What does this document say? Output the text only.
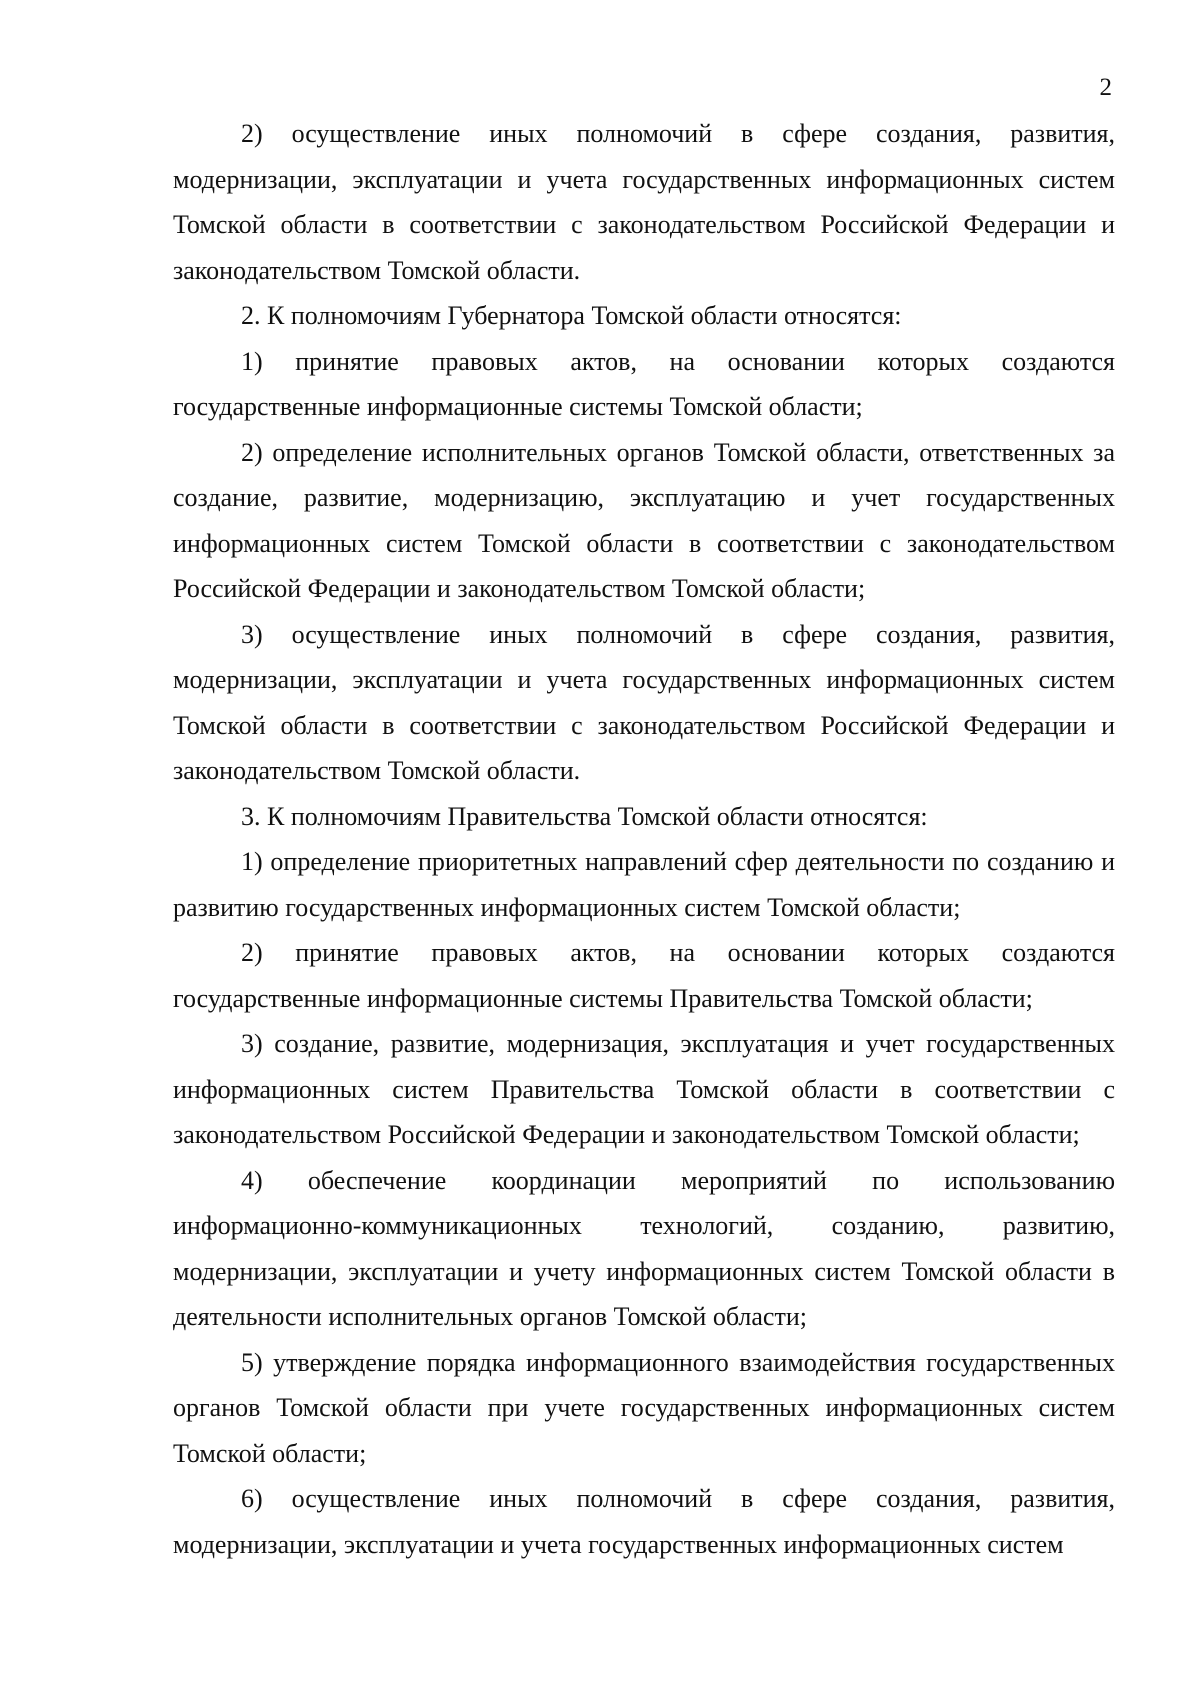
2

2) осуществление иных полномочий в сфере создания, развития, модернизации, эксплуатации и учета государственных информационных систем Томской области в соответствии с законодательством Российской Федерации и законодательством Томской области.

2. К полномочиям Губернатора Томской области относятся:

1) принятие правовых актов, на основании которых создаются государственные информационные системы Томской области;

2) определение исполнительных органов Томской области, ответственных за создание, развитие, модернизацию, эксплуатацию и учет государственных информационных систем Томской области в соответствии с законодательством Российской Федерации и законодательством Томской области;

3) осуществление иных полномочий в сфере создания, развития, модернизации, эксплуатации и учета государственных информационных систем Томской области в соответствии с законодательством Российской Федерации и законодательством Томской области.

3. К полномочиям Правительства Томской области относятся:

1) определение приоритетных направлений сфер деятельности по созданию и развитию государственных информационных систем Томской области;

2) принятие правовых актов, на основании которых создаются государственные информационные системы Правительства Томской области;

3) создание, развитие, модернизация, эксплуатация и учет государственных информационных систем Правительства Томской области в соответствии с законодательством Российской Федерации и законодательством Томской области;

4) обеспечение координации мероприятий по использованию информационно-коммуникационных технологий, созданию, развитию, модернизации, эксплуатации и учету информационных систем Томской области в деятельности исполнительных органов Томской области;

5) утверждение порядка информационного взаимодействия государственных органов Томской области при учете государственных информационных систем Томской области;

6) осуществление иных полномочий в сфере создания, развития, модернизации, эксплуатации и учета государственных информационных систем
